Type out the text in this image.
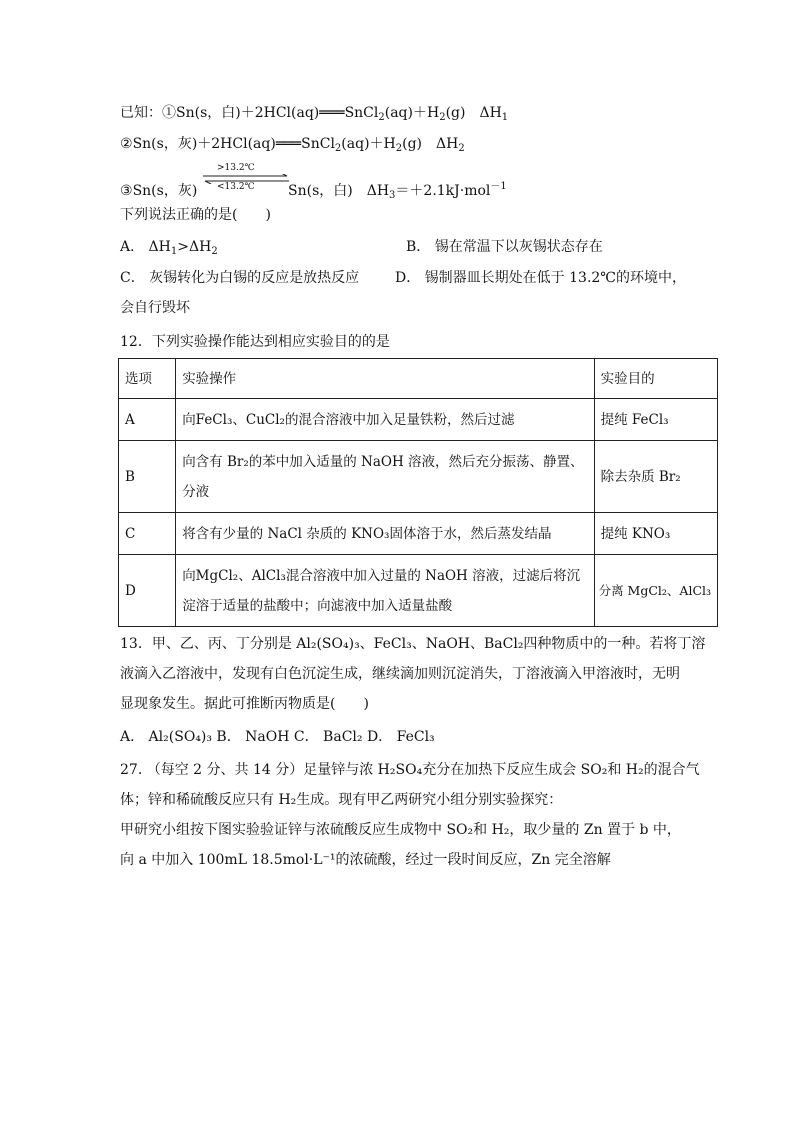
已知：①Sn(s，白)$+2HCl(aq)═══SnCl_2(aq)+H_2(g)$ $\Delta H_1$
②Sn(s，灰)$+2HCl(aq)═══SnCl_2(aq)+H_2(g)$ $\Delta H_2$
③Sn(s，灰)
>13.2℃
<13.2℃ Sn(s，白) $\Delta H_3=+2.1kJ\cdot mol^{-1}$
下列说法正确的是(　　)
A． $\Delta H_1>\Delta H_2$	B． 锡在常温下以灰锡状态存在
C． 灰锡转化为白锡的反应是放热反应	D． 锡制器皿长期处在低于 13.2℃的环境中，
会自行毁坏
12．下列实验操作能达到相应实验目的的是
选项	实验操作	实验目的
A	向FeCl₃、CuCl₂的混合溶液中加入足量铁粉，然后过滤	提纯 FeCl₃
B	向含有 Br₂的苯中加入适量的 NaOH 溶液，然后充分振荡、静置、
分液	除去杂质 Br₂
C	将含有少量的 NaCl 杂质的 KNO₃固体溶于水，然后蒸发结晶	提纯 KNO₃
D	向MgCl₂、AlCl₃混合溶液中加入过量的 NaOH 溶液，过滤后将沉
淀溶于适量的盐酸中；向滤液中加入适量盐酸	分离 MgCl₂、AlCl₃
13．甲、乙、丙、丁分别是 Al₂(SO₄)₃、FeCl₃、NaOH、BaCl₂四种物质中的一种。若将丁溶
液滴入乙溶液中，发现有白色沉淀生成，继续滴加则沉淀消失，丁溶液滴入甲溶液时，无明
显现象发生。据此可推断丙物质是(　　)
A． Al₂(SO₄)₃ B． NaOH C． BaCl₂ D． FeCl₃
27. （每空 2 分、共 14 分）足量锌与浓 H₂SO₄充分在加热下反应生成会 SO₂和 H₂的混合气
体；锌和稀硫酸反应只有 H₂生成。现有甲乙两研究小组分别实验探究：
甲研究小组按下图实验验证锌与浓硫酸反应生成物中 SO₂和 H₂，取少量的 Zn 置于 b 中，
向 a 中加入 100mL 18.5mol·L⁻¹的浓硫酸，经过一段时间反应，Zn 完全溶解
